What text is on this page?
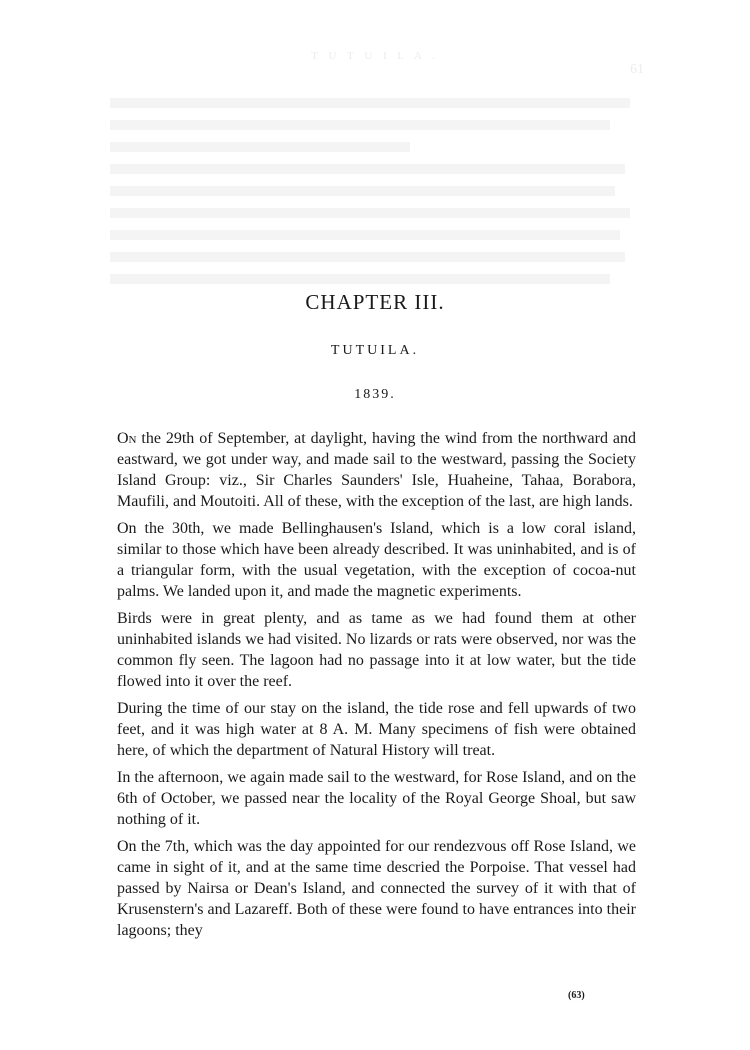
T U T U I L A .
61
CHAPTER III.
TUTUILA.
1839.

On the 29th of September, at daylight, having the wind from the northward and eastward, we got under way, and made sail to the westward, passing the Society Island Group: viz., Sir Charles Saunders' Isle, Huaheine, Tahaa, Borabora, Maufili, and Moutoiti. All of these, with the exception of the last, are high lands.

On the 30th, we made Bellinghausen's Island, which is a low coral island, similar to those which have been already described. It was uninhabited, and is of a triangular form, with the usual vegetation, with the exception of cocoa-nut palms. We landed upon it, and made the magnetic experiments.

Birds were in great plenty, and as tame as we had found them at other uninhabited islands we had visited. No lizards or rats were observed, nor was the common fly seen. The lagoon had no passage into it at low water, but the tide flowed into it over the reef.

During the time of our stay on the island, the tide rose and fell upwards of two feet, and it was high water at 8 A. M. Many specimens of fish were obtained here, of which the department of Natural History will treat.

In the afternoon, we again made sail to the westward, for Rose Island, and on the 6th of October, we passed near the locality of the Royal George Shoal, but saw nothing of it.

On the 7th, which was the day appointed for our rendezvous off Rose Island, we came in sight of it, and at the same time descried the Porpoise. That vessel had passed by Nairsa or Dean's Island, and connected the survey of it with that of Krusenstern's and Lazareff. Both of these were found to have entrances into their lagoons; they

(63)
